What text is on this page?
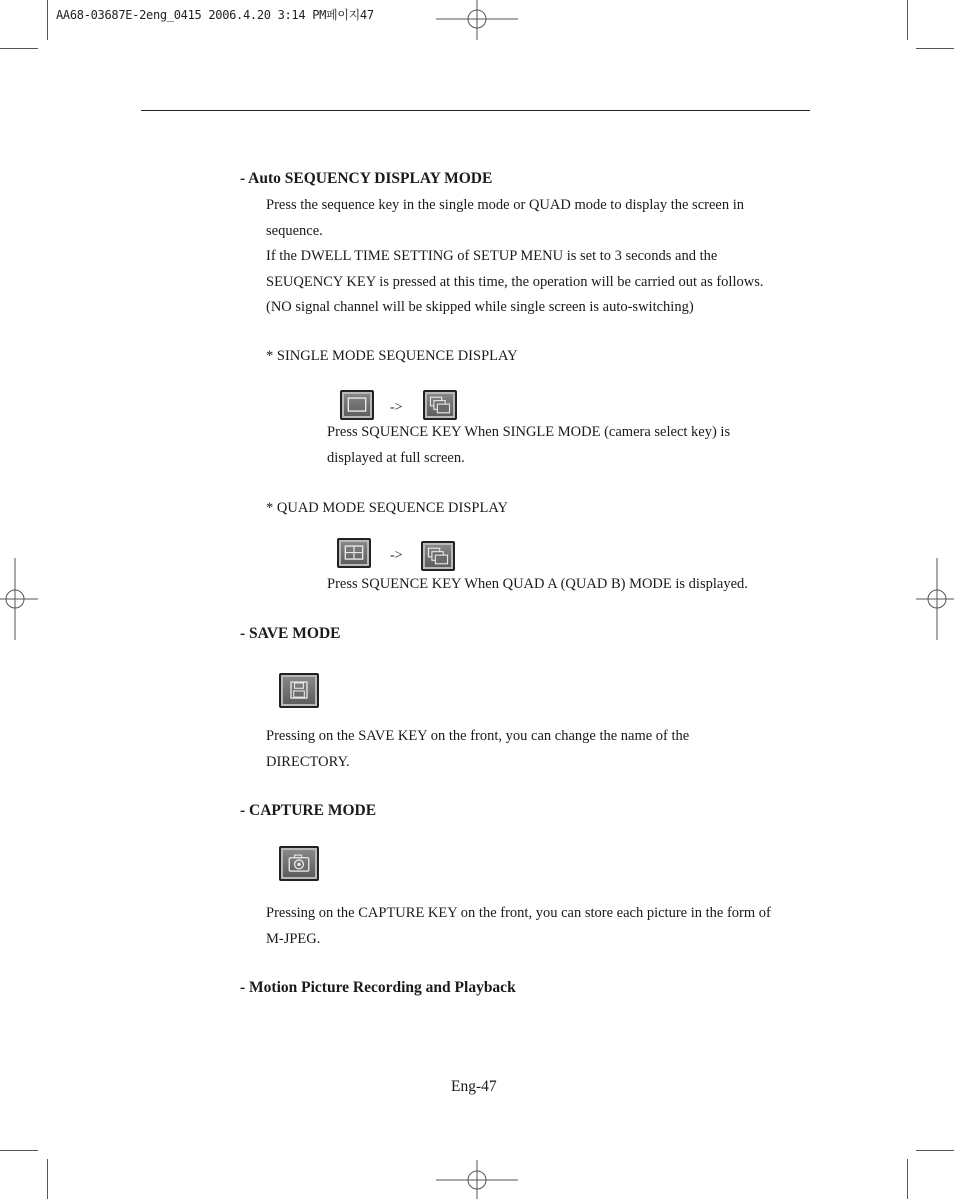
AA68-03687E-2eng_0415 2006.4.20 3:14 PM페이지47
- Auto SEQUENCY DISPLAY MODE
Press the sequence key in the single mode or QUAD mode to display the screen in
sequence.
If the DWELL TIME SETTING of SETUP MENU is set to 3 seconds and the
SEUQENCY KEY is pressed at this time, the operation will be carried out as follows.
(NO signal channel will be skipped while single screen is auto-switching)
* SINGLE MODE SEQUENCE DISPLAY
->
Press SQUENCE KEY When SINGLE MODE (camera select key) is
displayed at full screen.
* QUAD MODE SEQUENCE DISPLAY
->
Press SQUENCE KEY When QUAD A (QUAD B) MODE is displayed.
- SAVE MODE
Pressing on the SAVE KEY on the front, you can change the name of the
DIRECTORY.
- CAPTURE MODE
Pressing on the CAPTURE KEY on the front, you can store each picture in the form of
M-JPEG.
- Motion Picture Recording and Playback
Eng-47
